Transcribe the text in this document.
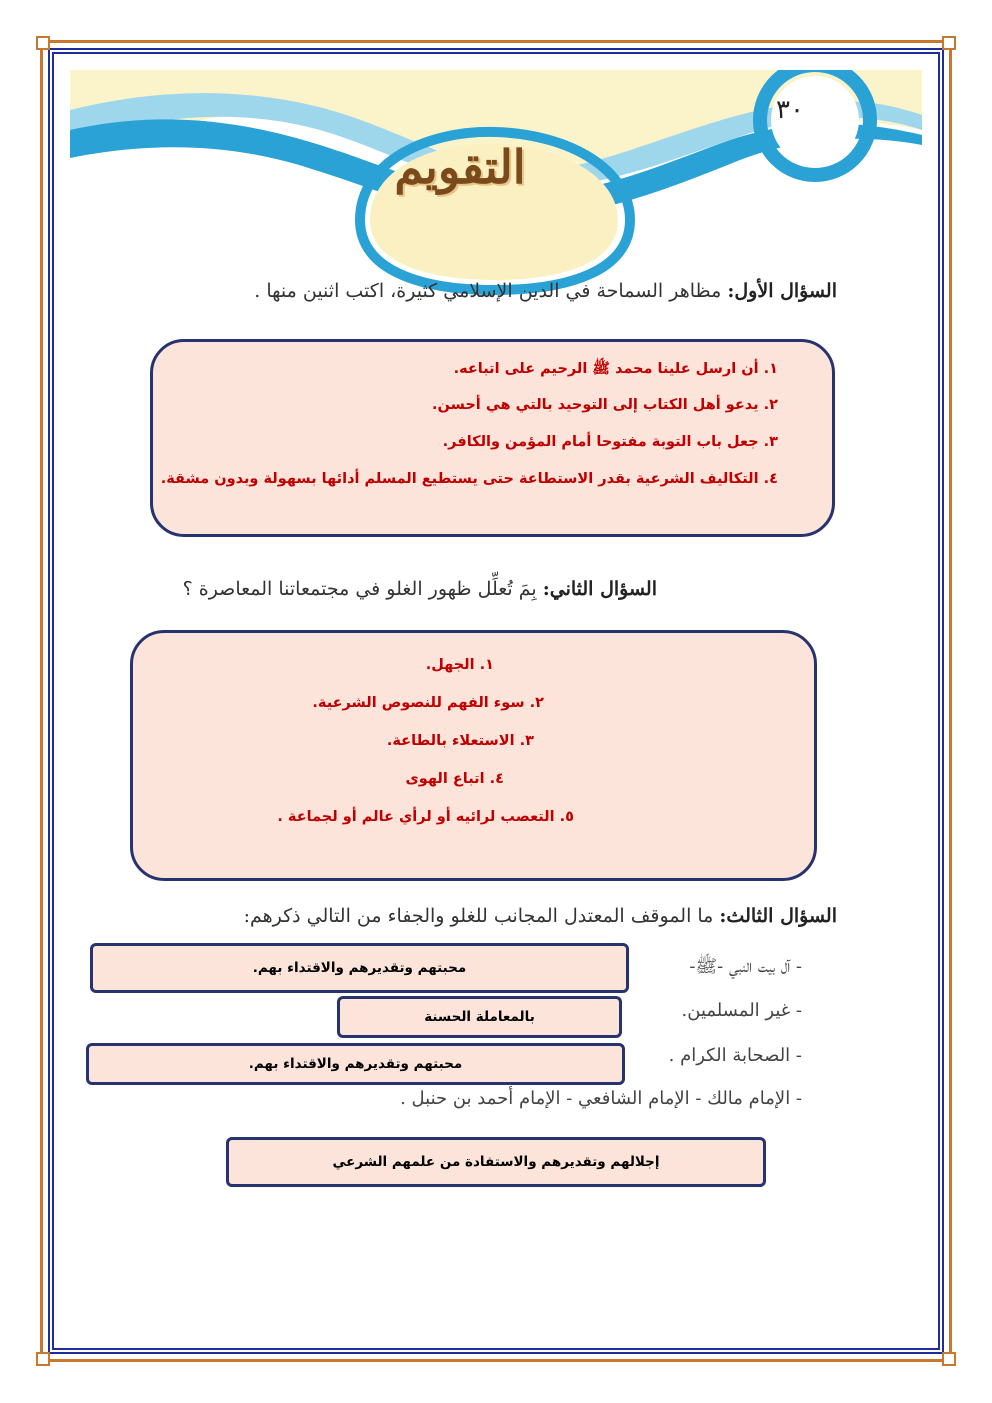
٣٠
التقويم
السؤال الأول: مظاهر السماحة في الدين الإسلامي كثيرة، اكتب اثنين منها .
١. أن ارسل علينا محمد ﷺ الرحيم على اتباعه.
٢. يدعو أهل الكتاب إلى التوحيد بالتي هي أحسن.
٣. جعل باب التوبة مفتوحا أمام المؤمن والكافر.
٤. التكاليف الشرعية بقدر الاستطاعة حتى يستطيع المسلم أدائها بسهولة وبدون مشقة.
السؤال الثاني: بِمَ تُعلِّل ظهور الغلو في مجتمعاتنا المعاصرة ؟
١. الجهل.
٢. سوء الفهم للنصوص الشرعية.
٣. الاستعلاء بالطاعة.
٤. اتباع الهوى
٥. التعصب لرائيه أو لرأي عالم أو لجماعة .
السؤال الثالث: ما الموقف المعتدل المجانب للغلو والجفاء من التالي ذكرهم:
- آل بيت النبي -ﷺ-
- غير المسلمين.
- الصحابة الكرام .
- الإمام مالك - الإمام الشافعي - الإمام أحمد بن حنبل .
محبتهم وتقديرهم والاقتداء بهم.
بالمعاملة الحسنة
محبتهم وتقديرهم والاقتداء بهم.
إجلالهم وتقديرهم والاستفادة من علمهم الشرعي
